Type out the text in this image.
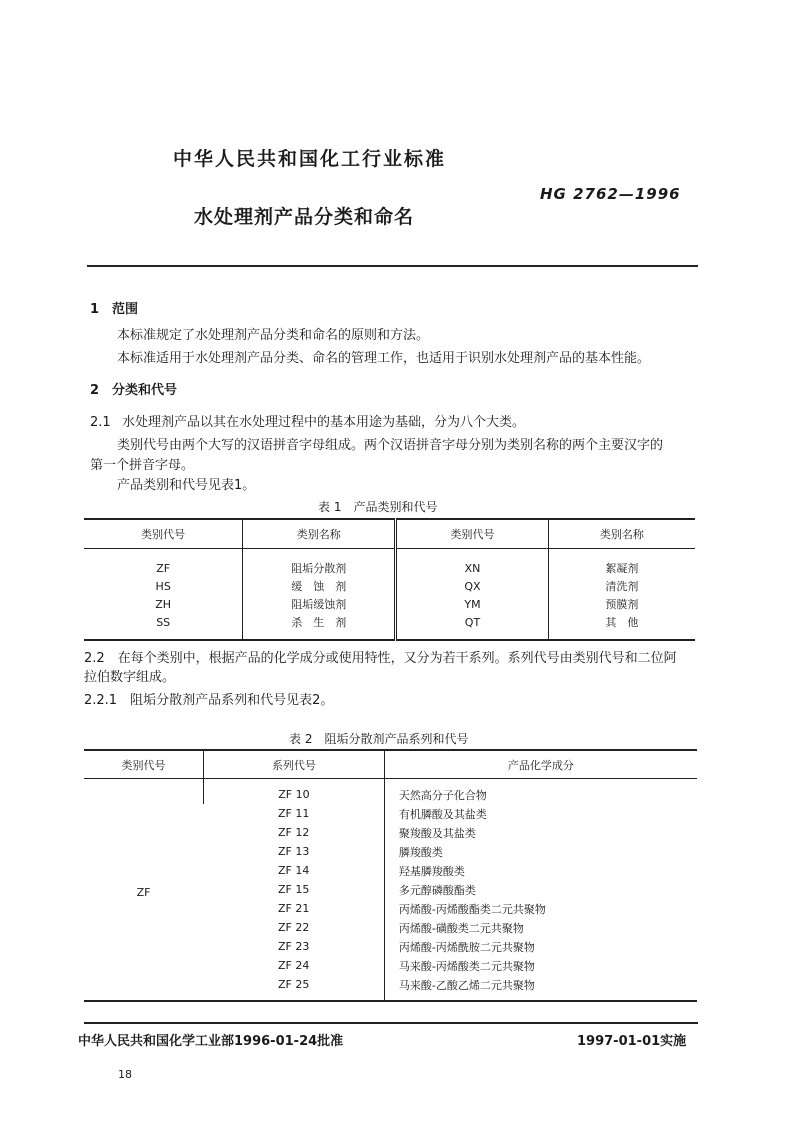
中华人民共和国化工行业标准
HG 2762—1996
水处理剂产品分类和命名
1　范围
本标准规定了水处理剂产品分类和命名的原则和方法。
本标准适用于水处理剂产品分类、命名的管理工作，也适用于识别水处理剂产品的基本性能。
2　分类和代号
2.1 水处理剂产品以其在水处理过程中的基本用途为基础，分为八个大类。
类别代号由两个大写的汉语拼音字母组成。两个汉语拼音字母分别为类别名称的两个主要汉字的
第一个拼音字母。
产品类别和代号见表1。
表 1　产品类别和代号
类别代号	类别名称	类别代号	类别名称
ZF	阻垢分散剂	XN	絮凝剂
HS	缓　蚀　剂	QX	清洗剂
ZH	阻垢缓蚀剂	YM	预膜剂
SS	杀　生　剂	QT	其　他
2.2　在每个类别中，根据产品的化学成分或使用特性，又分为若干系列。系列代号由类别代号和二位阿
拉伯数字组成。
2.2.1　阻垢分散剂产品系列和代号见表2。
表 2　阻垢分散剂产品系列和代号
类别代号	系列代号	产品化学成分
ZF	ZF 10	天然高分子化合物
	ZF 11	有机膦酸及其盐类
	ZF 12	聚羧酸及其盐类
	ZF 13	膦羧酸类
	ZF 14	羟基膦羧酸类
	ZF 15	多元醇磷酸酯类
	ZF 21	丙烯酸-丙烯酸酯类二元共聚物
	ZF 22	丙烯酸-磺酸类二元共聚物
	ZF 23	丙烯酸-丙烯酰胺二元共聚物
	ZF 24	马来酸-丙烯酸类二元共聚物
	ZF 25	马来酸-乙酸乙烯二元共聚物
中华人民共和国化学工业部1996-01-24批准	1997-01-01实施
18
